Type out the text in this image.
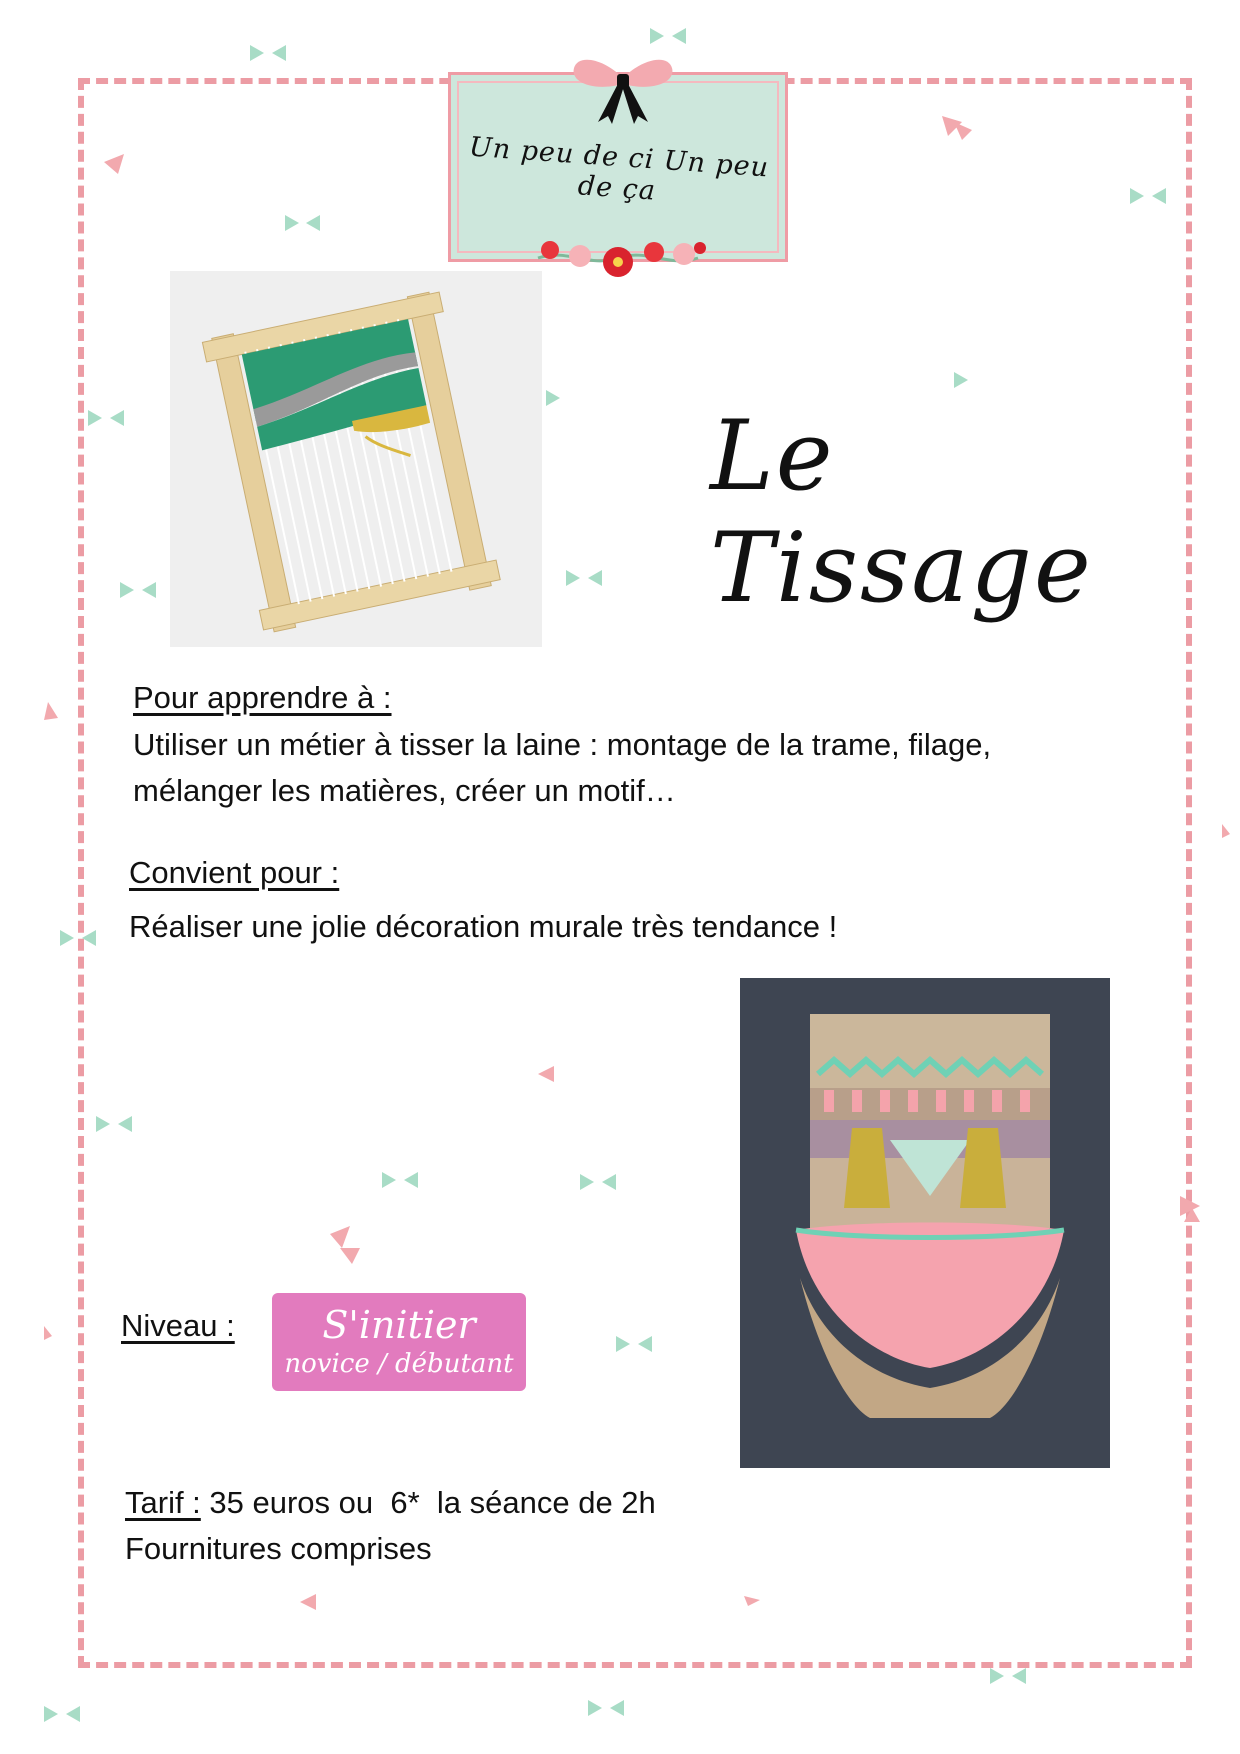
Un peu de ci Un peu de ça
Le Tissage
Pour apprendre à :
Utiliser un métier à tisser la laine : montage de la trame, filage,
mélanger les matières, créer un motif…
Convient pour :
Réaliser une jolie décoration murale très tendance !
Niveau :	S'initier
novice / débutant
Tarif : 35 euros ou  6*  la séance de 2h
Fournitures comprises
